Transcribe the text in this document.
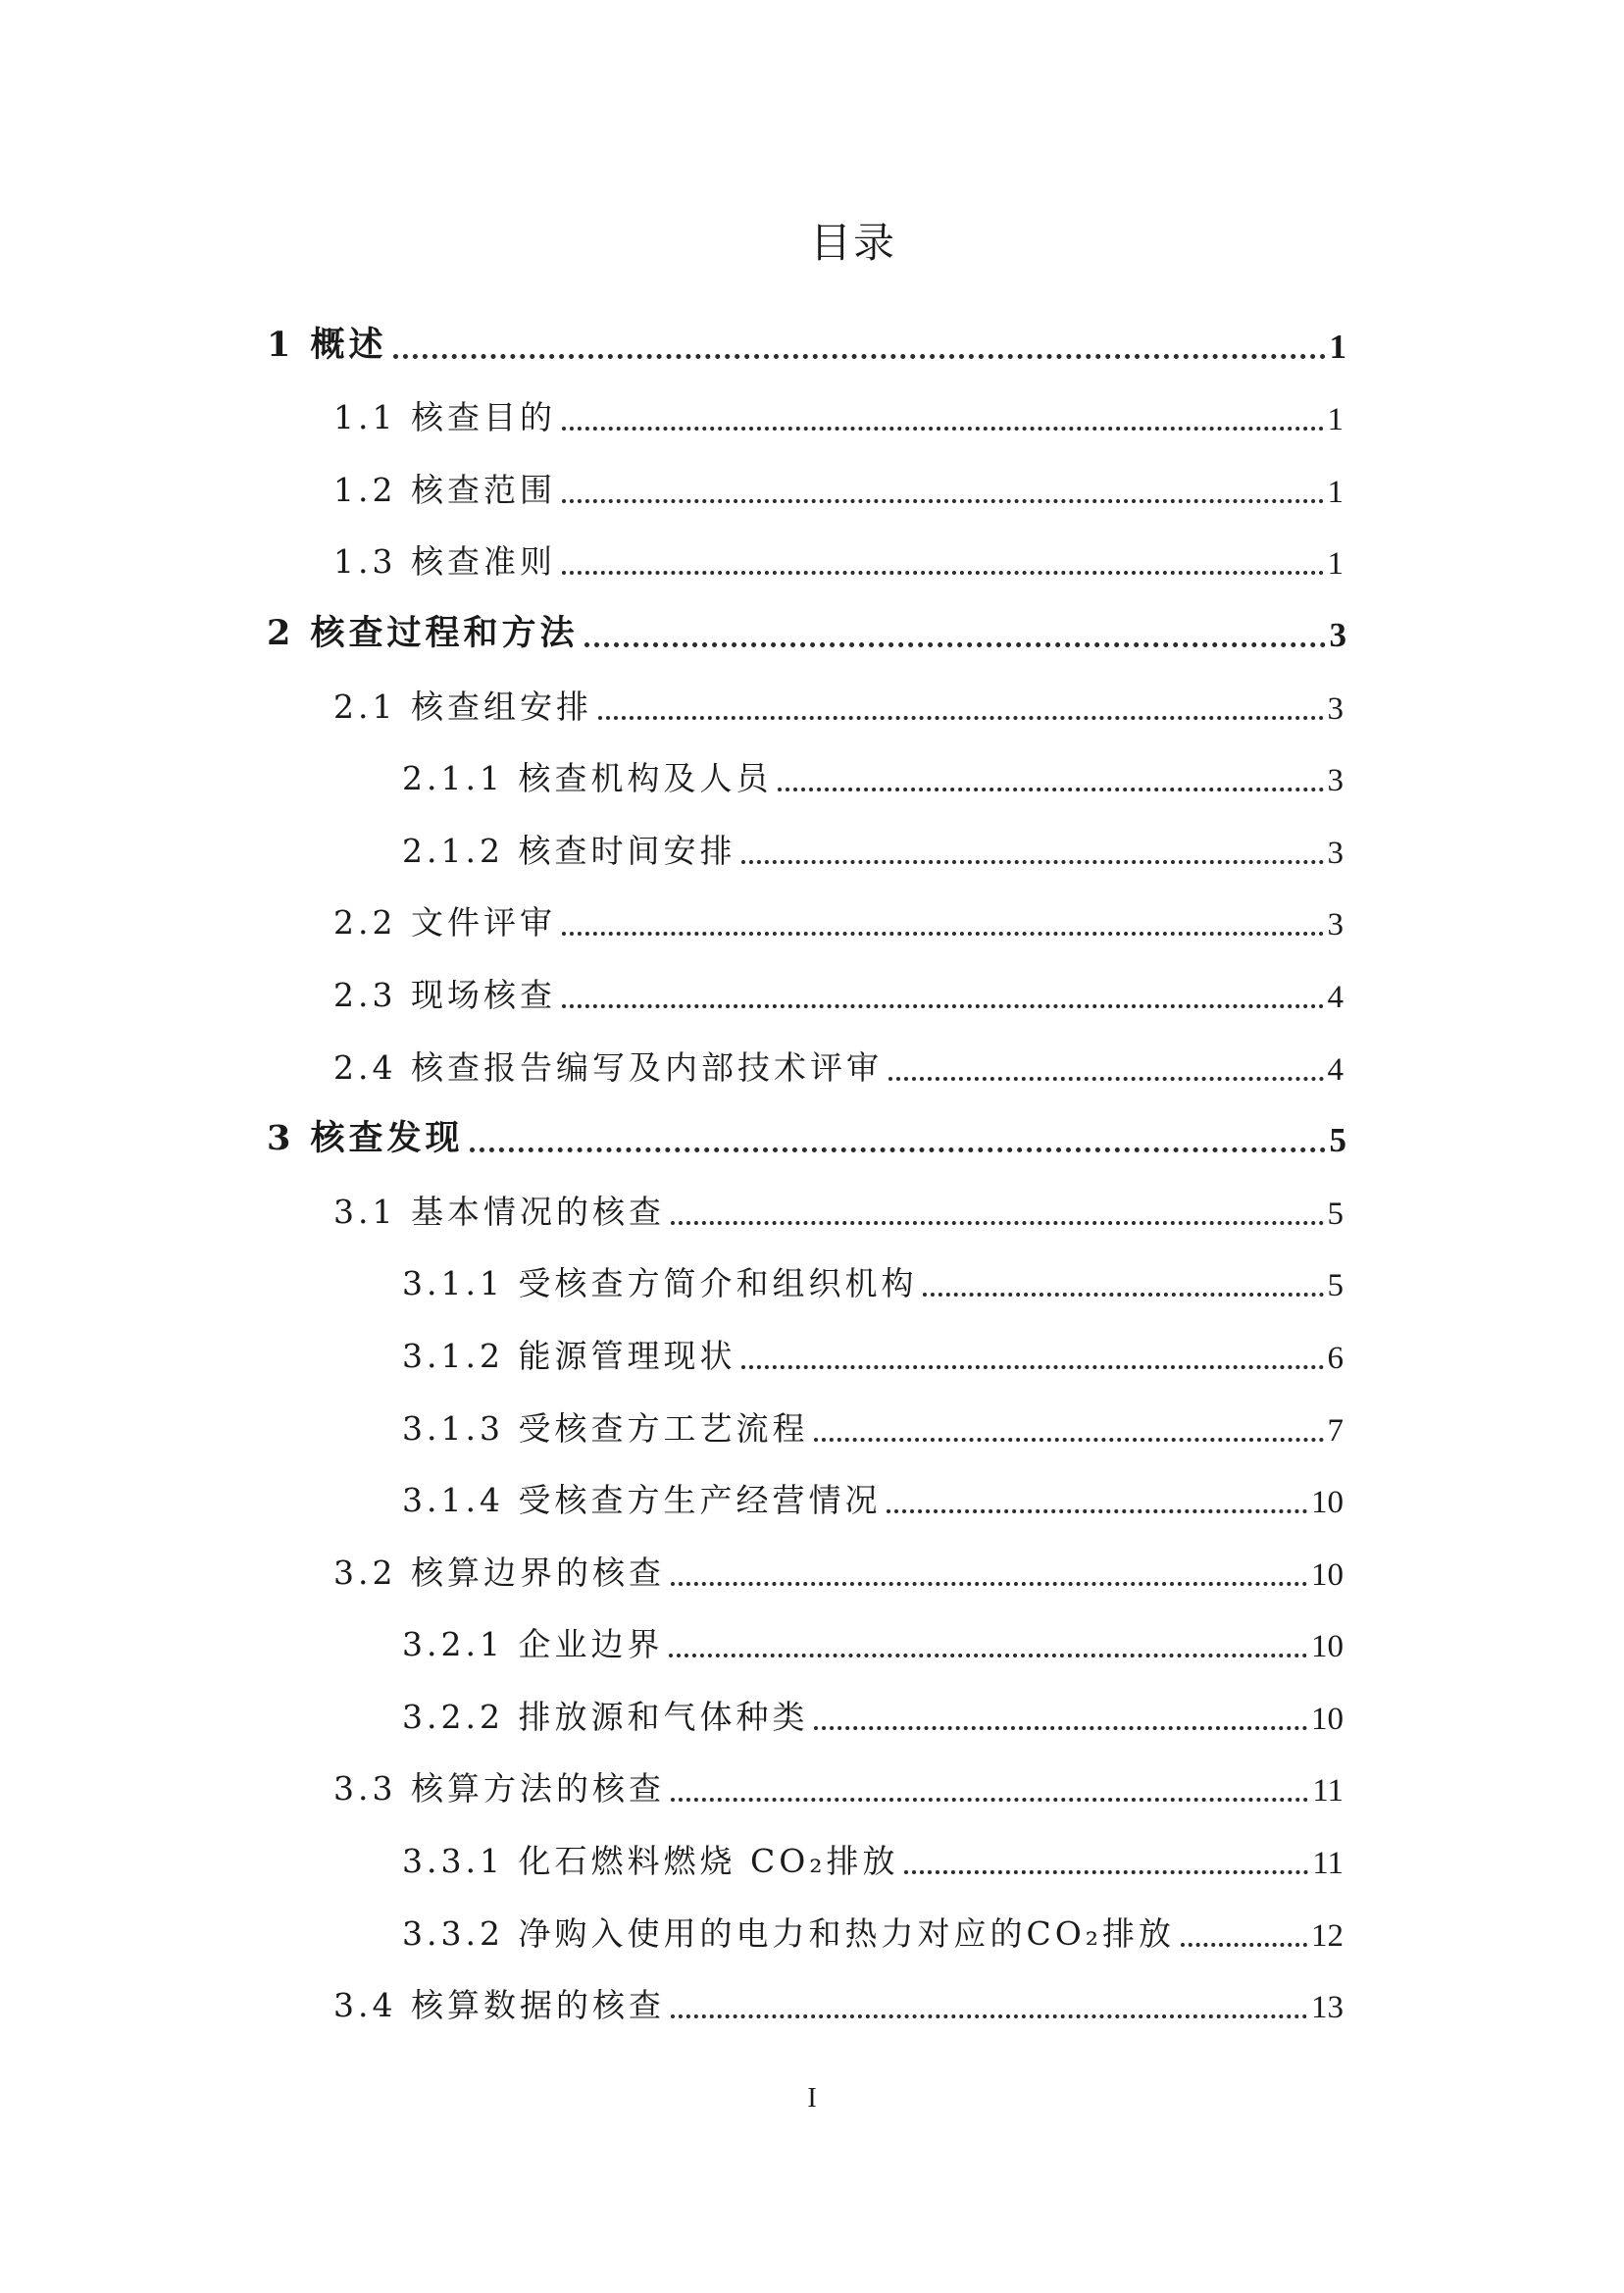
目录
1 概述	1
1.1 核查目的	1
1.2 核查范围	1
1.3 核查准则	1
2 核查过程和方法	3
2.1 核查组安排	3
2.1.1 核查机构及人员	3
2.1.2 核查时间安排	3
2.2 文件评审	3
2.3 现场核查	4
2.4 核查报告编写及内部技术评审	4
3 核查发现	5
3.1 基本情况的核查	5
3.1.1 受核查方简介和组织机构	5
3.1.2 能源管理现状	6
3.1.3 受核查方工艺流程	7
3.1.4 受核查方生产经营情况	10
3.2 核算边界的核查	10
3.2.1 企业边界	10
3.2.2 排放源和气体种类	10
3.3 核算方法的核查	11
3.3.1 化石燃料燃烧 CO₂排放	11
3.3.2 净购入使用的电力和热力对应的CO₂排放	12
3.4 核算数据的核查	13
I
